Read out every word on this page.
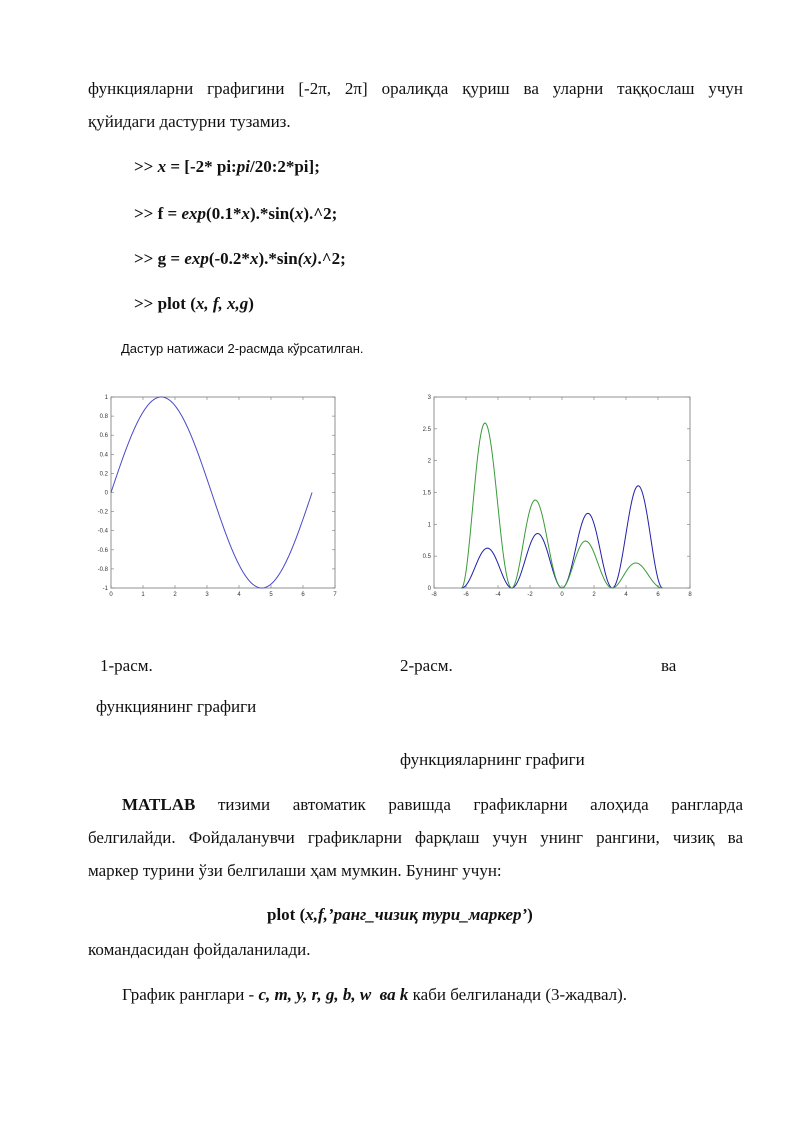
функцияларни графигини [-2π, 2π] оралиқда қуриш ва уларни таққослаш учун
қуйидаги дастурни тузамиз.
>> x = [-2* pi:pi/20:2*pi];
>> f = exp(0.1*x).*sin(x).^2;
>> g = exp(-0.2*x).*sin(x).^2;
>> plot (x, f, x,g)
Дастур натижаси 2-расмда кўрсатилган.
0	1	2	3	4	5	6	7
1
0.8
0.6
0.4
0.2
0
-0.2
-0.4
-0.6
-0.8
-1
-8	-6	-4	-2	0	2	4	6	8
3
2.5
2
1.5
1
0.5
0
1-расм.	2-расм.	ва
функциянинг графиги
функцияларнинг графиги
MATLAB тизими автоматик равишда графикларни алоҳида рангларда
белгилайди. Фойдаланувчи графикларни фарқлаш учун унинг рангини, чизиқ ва
маркер турини ўзи белгилаши ҳам мумкин. Бунинг учун:
plot (x,f,’ранг_чизиқ тури_маркер’)
командасидан фойдаланилади.
График ранглари - c, m, y, r, g, b, w ва k каби белгиланади (3-жадвал).
